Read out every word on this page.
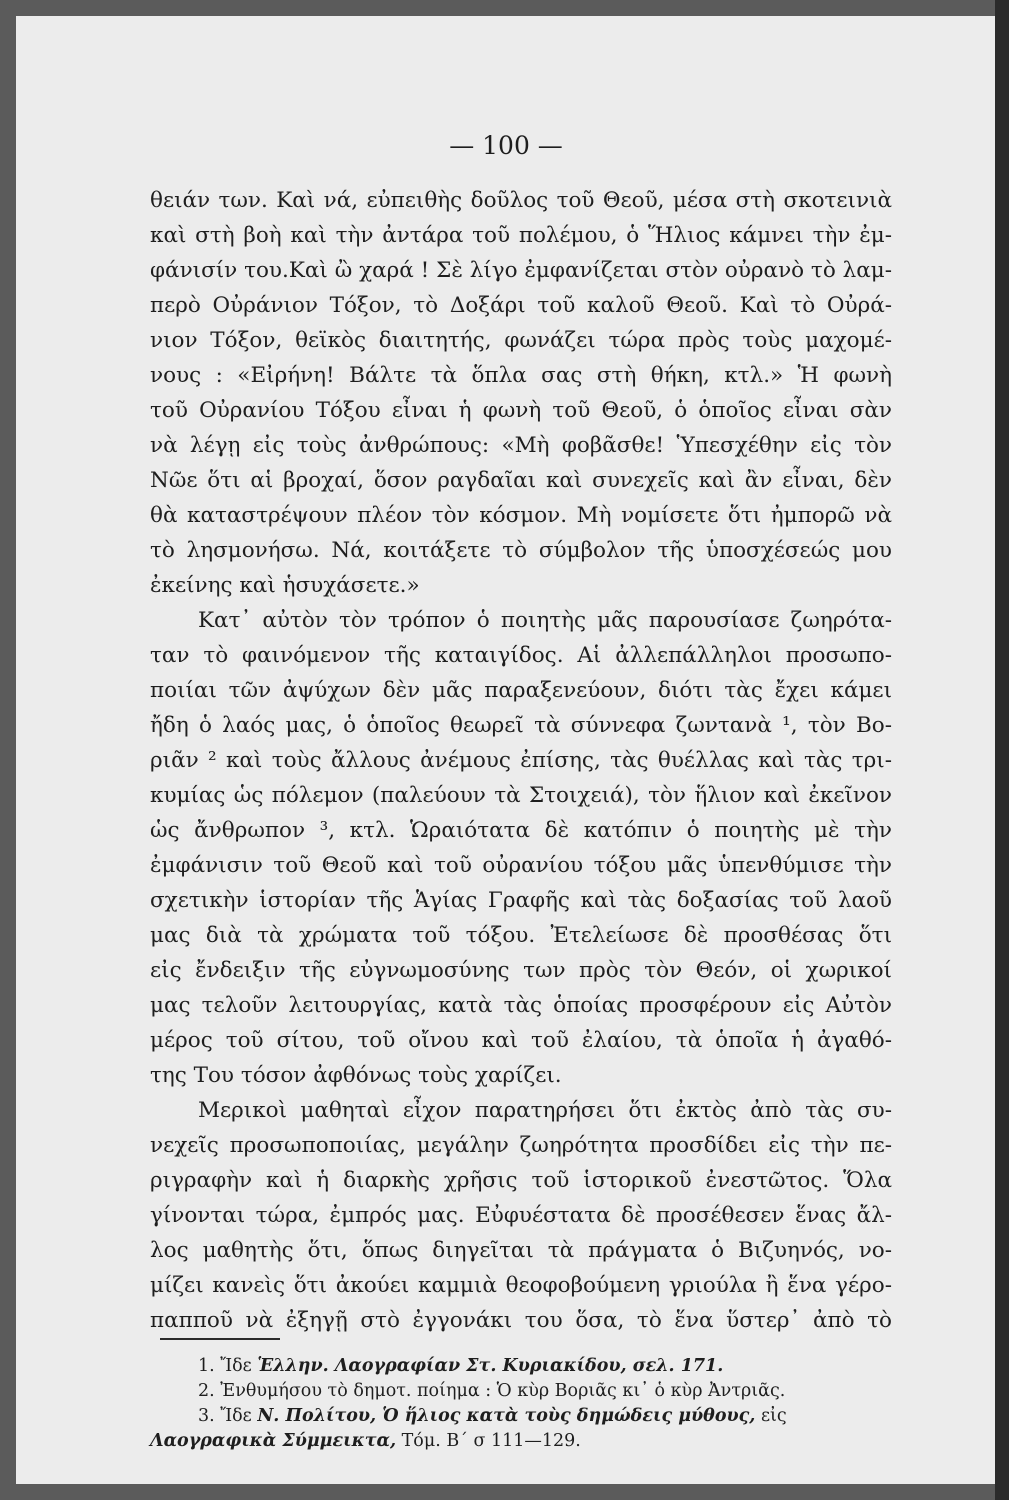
— 100 —
θειάν των. Καὶ νά, εὐπειθὴς δοῦλος τοῦ Θεοῦ, μέσα στὴ σκοτεινιὰ
καὶ στὴ βοὴ καὶ τὴν ἀντάρα τοῦ πολέμου, ὁ Ἥλιος κάμνει τὴν ἐμ-
φάνισίν του.Καὶ ὢ χαρά ! Σὲ λίγο ἐμφανίζεται στὸν οὐρανὸ τὸ λαμ-
περὸ Οὐράνιον Τόξον, τὸ Δοξάρι τοῦ καλοῦ Θεοῦ. Καὶ τὸ Οὐρά-
νιον Τόξον, θεϊκὸς διαιτητής, φωνάζει τώρα πρὸς τοὺς μαχομέ-
νους : «Εἰρήνη! Βάλτε τὰ ὅπλα σας στὴ θήκη, κτλ.» Ἡ φωνὴ
τοῦ Οὐρανίου Τόξου εἶναι ἡ φωνὴ τοῦ Θεοῦ, ὁ ὁποῖος εἶναι σὰν
νὰ λέγῃ εἰς τοὺς ἀνθρώπους: «Μὴ φοβᾶσθε! Ὑπεσχέθην εἰς τὸν
Νῶε ὅτι αἱ βροχαί, ὅσον ραγδαῖαι καὶ συνεχεῖς καὶ ἂν εἶναι, δὲν
θὰ καταστρέψουν πλέον τὸν κόσμον. Μὴ νομίσετε ὅτι ἠμπορῶ νὰ
τὸ λησμονήσω. Νά, κοιτάξετε τὸ σύμβολον τῆς ὑποσχέσεώς μου
ἐκείνης καὶ ἡσυχάσετε.»
Κατ᾽ αὐτὸν τὸν τρόπον ὁ ποιητὴς μᾶς παρουσίασε ζωηρότα-
ταν τὸ φαινόμενον τῆς καταιγίδος. Αἱ ἀλλεπάλληλοι προσωπο-
ποιίαι τῶν ἀψύχων δὲν μᾶς παραξενεύουν, διότι τὰς ἔχει κάμει
ἤδη ὁ λαός μας, ὁ ὁποῖος θεωρεῖ τὰ σύννεφα ζωντανὰ ¹, τὸν Βο-
ριᾶν ² καὶ τοὺς ἄλλους ἀνέμους ἐπίσης, τὰς θυέλλας καὶ τὰς τρι-
κυμίας ὡς πόλεμον (παλεύουν τὰ Στοιχειά), τὸν ἥλιον καὶ ἐκεῖνον
ὡς ἄνθρωπον ³, κτλ. Ὡραιότατα δὲ κατόπιν ὁ ποιητὴς μὲ τὴν
ἐμφάνισιν τοῦ Θεοῦ καὶ τοῦ οὐρανίου τόξου μᾶς ὑπενθύμισε τὴν
σχετικὴν ἱστορίαν τῆς Ἁγίας Γραφῆς καὶ τὰς δοξασίας τοῦ λαοῦ
μας διὰ τὰ χρώματα τοῦ τόξου. Ἐτελείωσε δὲ προσθέσας ὅτι
εἰς ἔνδειξιν τῆς εὐγνωμοσύνης των πρὸς τὸν Θεόν, οἱ χωρικοί
μας τελοῦν λειτουργίας, κατὰ τὰς ὁποίας προσφέρουν εἰς Αὐτὸν
μέρος τοῦ σίτου, τοῦ οἴνου καὶ τοῦ ἐλαίου, τὰ ὁποῖα ἡ ἀγαθό-
της Του τόσον ἀφθόνως τοὺς χαρίζει.
Μερικοὶ μαθηταὶ εἶχον παρατηρήσει ὅτι ἐκτὸς ἀπὸ τὰς συ-
νεχεῖς προσωποποιίας, μεγάλην ζωηρότητα προσδίδει εἰς τὴν πε-
ριγραφὴν καὶ ἡ διαρκὴς χρῆσις τοῦ ἱστορικοῦ ἐνεστῶτος. Ὅλα
γίνονται τώρα, ἐμπρός μας. Εὐφυέστατα δὲ προσέθεσεν ἕνας ἄλ-
λος μαθητὴς ὅτι, ὅπως διηγεῖται τὰ πράγματα ὁ Βιζυηνός, νο-
μίζει κανεὶς ὅτι ἀκούει καμμιὰ θεοφοβούμενη γριούλα ἢ ἕνα γέρο-
παπποῦ νὰ ἐξηγῇ στὸ ἐγγονάκι του ὅσα, τὸ ἕνα ὕστερ᾽ ἀπὸ τὸ
1. Ἴδε Ἑλλην. Λαογραφίαν Στ. Κυριακίδου, σελ. 171.
2. Ἐνθυμήσου τὸ δημοτ. ποίημα : Ὁ κὺρ Βοριᾶς κι᾽ ὁ κὺρ Ἀντριᾶς.
3. Ἴδε Ν. Πολίτου, Ὁ ἥλιος κατὰ τοὺς δημώδεις μύθους, εἰς
Λαογραφικὰ Σύμμεικτα, Τόμ. Β´ σ 111—129.
